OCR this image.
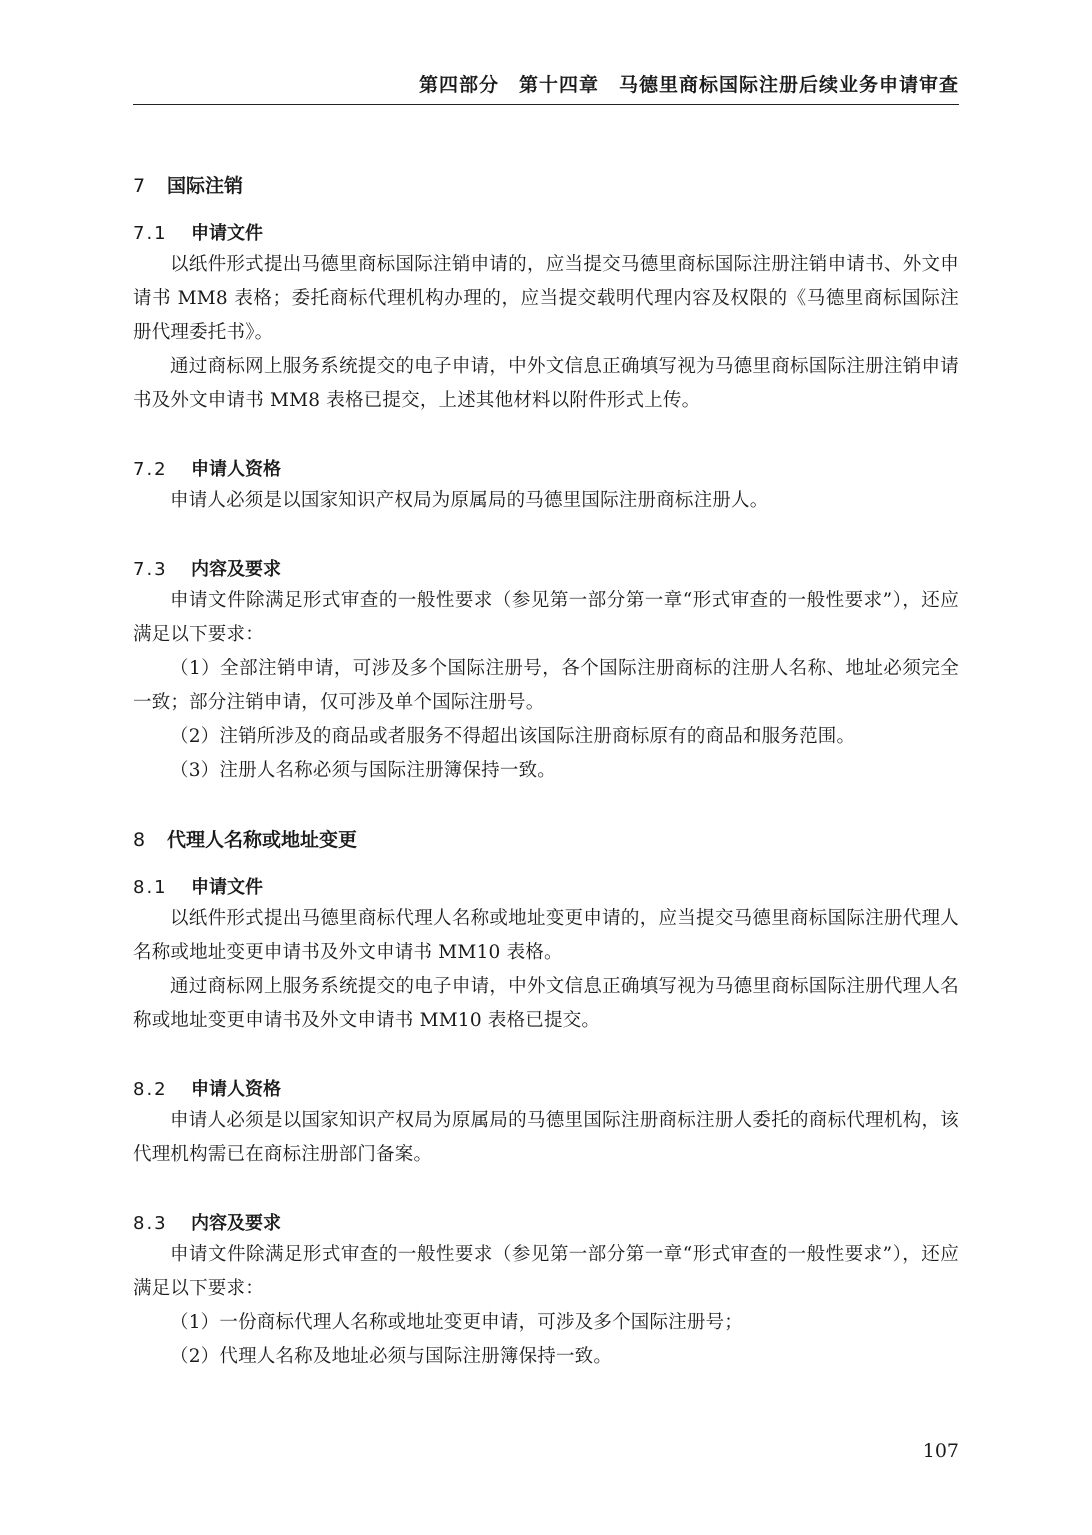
第四部分　第十四章　马德里商标国际注册后续业务申请审查
7 国际注销
7.1 申请文件

以纸件形式提出马德里商标国际注销申请的，应当提交马德里商标国际注册注销申请书、外文申请书 MM8 表格；委托商标代理机构办理的，应当提交载明代理内容及权限的《马德里商标国际注册代理委托书》。

通过商标网上服务系统提交的电子申请，中外文信息正确填写视为马德里商标国际注册注销申请书及外文申请书 MM8 表格已提交，上述其他材料以附件形式上传。

7.2 申请人资格

申请人必须是以国家知识产权局为原属局的马德里国际注册商标注册人。

7.3 内容及要求

申请文件除满足形式审查的一般性要求（参见第一部分第一章“形式审查的一般性要求”），还应满足以下要求：

（1）全部注销申请，可涉及多个国际注册号，各个国际注册商标的注册人名称、地址必须完全一致；部分注销申请，仅可涉及单个国际注册号。

（2）注销所涉及的商品或者服务不得超出该国际注册商标原有的商品和服务范围。

（3）注册人名称必须与国际注册簿保持一致。

8 代理人名称或地址变更
8.1 申请文件

以纸件形式提出马德里商标代理人名称或地址变更申请的，应当提交马德里商标国际注册代理人名称或地址变更申请书及外文申请书 MM10 表格。

通过商标网上服务系统提交的电子申请，中外文信息正确填写视为马德里商标国际注册代理人名称或地址变更申请书及外文申请书 MM10 表格已提交。

8.2 申请人资格

申请人必须是以国家知识产权局为原属局的马德里国际注册商标注册人委托的商标代理机构，该代理机构需已在商标注册部门备案。

8.3 内容及要求

申请文件除满足形式审查的一般性要求（参见第一部分第一章“形式审查的一般性要求”），还应满足以下要求：

（1）一份商标代理人名称或地址变更申请，可涉及多个国际注册号；

（2）代理人名称及地址必须与国际注册簿保持一致。

107
